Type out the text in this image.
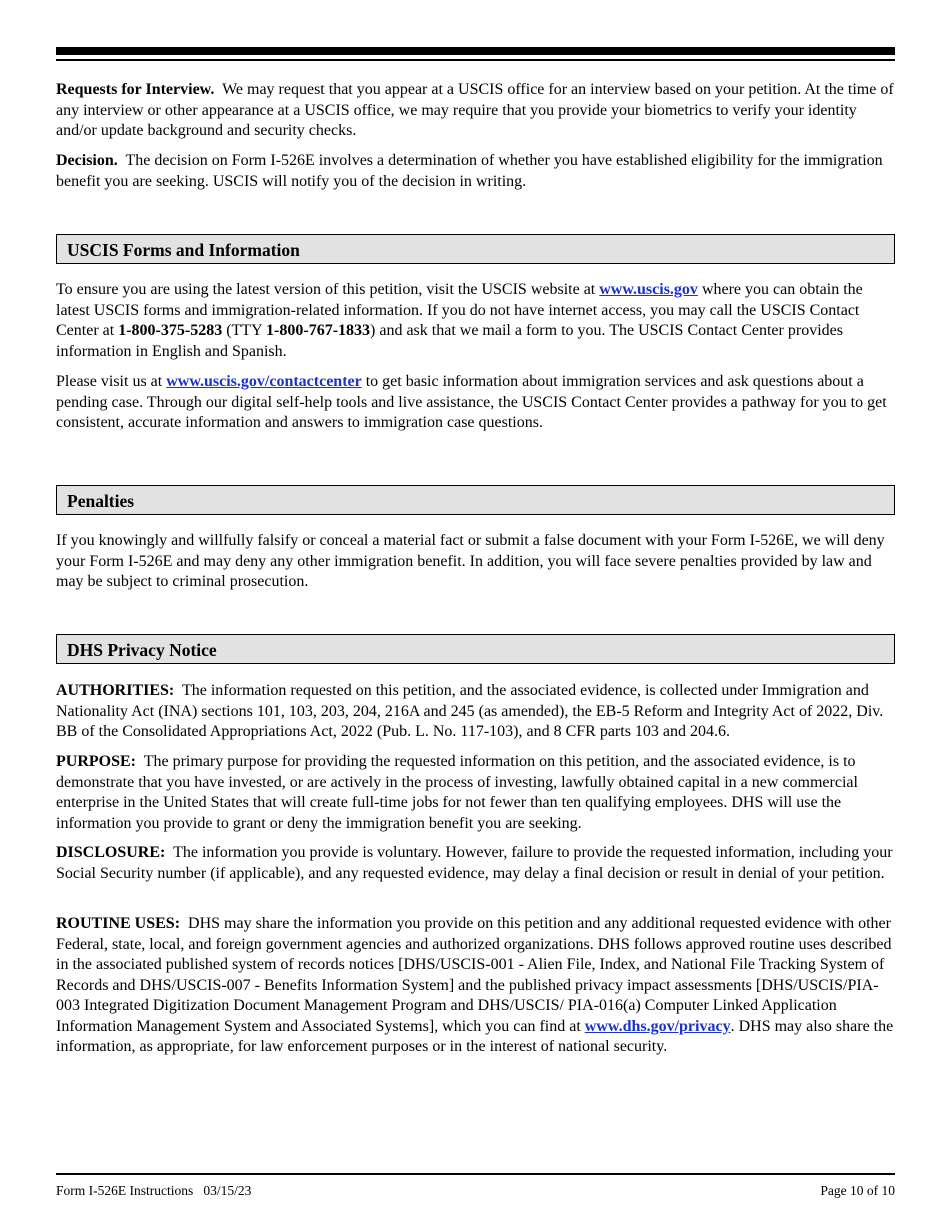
Requests for Interview. We may request that you appear at a USCIS office for an interview based on your petition. At the time of any interview or other appearance at a USCIS office, we may require that you provide your biometrics to verify your identity and/or update background and security checks.

Decision. The decision on Form I-526E involves a determination of whether you have established eligibility for the immigration benefit you are seeking. USCIS will notify you of the decision in writing.

USCIS Forms and Information

To ensure you are using the latest version of this petition, visit the USCIS website at www.uscis.gov where you can obtain the latest USCIS forms and immigration-related information. If you do not have internet access, you may call the USCIS Contact Center at 1-800-375-5283 (TTY 1-800-767-1833) and ask that we mail a form to you. The USCIS Contact Center provides information in English and Spanish.

Please visit us at www.uscis.gov/contactcenter to get basic information about immigration services and ask questions about a pending case. Through our digital self-help tools and live assistance, the USCIS Contact Center provides a pathway for you to get consistent, accurate information and answers to immigration case questions.

Penalties

If you knowingly and willfully falsify or conceal a material fact or submit a false document with your Form I-526E, we will deny your Form I-526E and may deny any other immigration benefit. In addition, you will face severe penalties provided by law and may be subject to criminal prosecution.

DHS Privacy Notice

AUTHORITIES: The information requested on this petition, and the associated evidence, is collected under Immigration and Nationality Act (INA) sections 101, 103, 203, 204, 216A and 245 (as amended), the EB-5 Reform and Integrity Act of 2022, Div. BB of the Consolidated Appropriations Act, 2022 (Pub. L. No. 117-103), and 8 CFR parts 103 and 204.6.

PURPOSE: The primary purpose for providing the requested information on this petition, and the associated evidence, is to demonstrate that you have invested, or are actively in the process of investing, lawfully obtained capital in a new commercial enterprise in the United States that will create full-time jobs for not fewer than ten qualifying employees. DHS will use the information you provide to grant or deny the immigration benefit you are seeking.

DISCLOSURE: The information you provide is voluntary. However, failure to provide the requested information, including your Social Security number (if applicable), and any requested evidence, may delay a final decision or result in denial of your petition.

ROUTINE USES: DHS may share the information you provide on this petition and any additional requested evidence with other Federal, state, local, and foreign government agencies and authorized organizations. DHS follows approved routine uses described in the associated published system of records notices [DHS/USCIS-001 - Alien File, Index, and National File Tracking System of Records and DHS/USCIS-007 - Benefits Information System] and the published privacy impact assessments [DHS/USCIS/PIA-003 Integrated Digitization Document Management Program and DHS/USCIS/ PIA-016(a) Computer Linked Application Information Management System and Associated Systems], which you can find at www.dhs.gov/privacy. DHS may also share the information, as appropriate, for law enforcement purposes or in the interest of national security.

Form I-526E Instructions   03/15/23	Page 10 of 10
